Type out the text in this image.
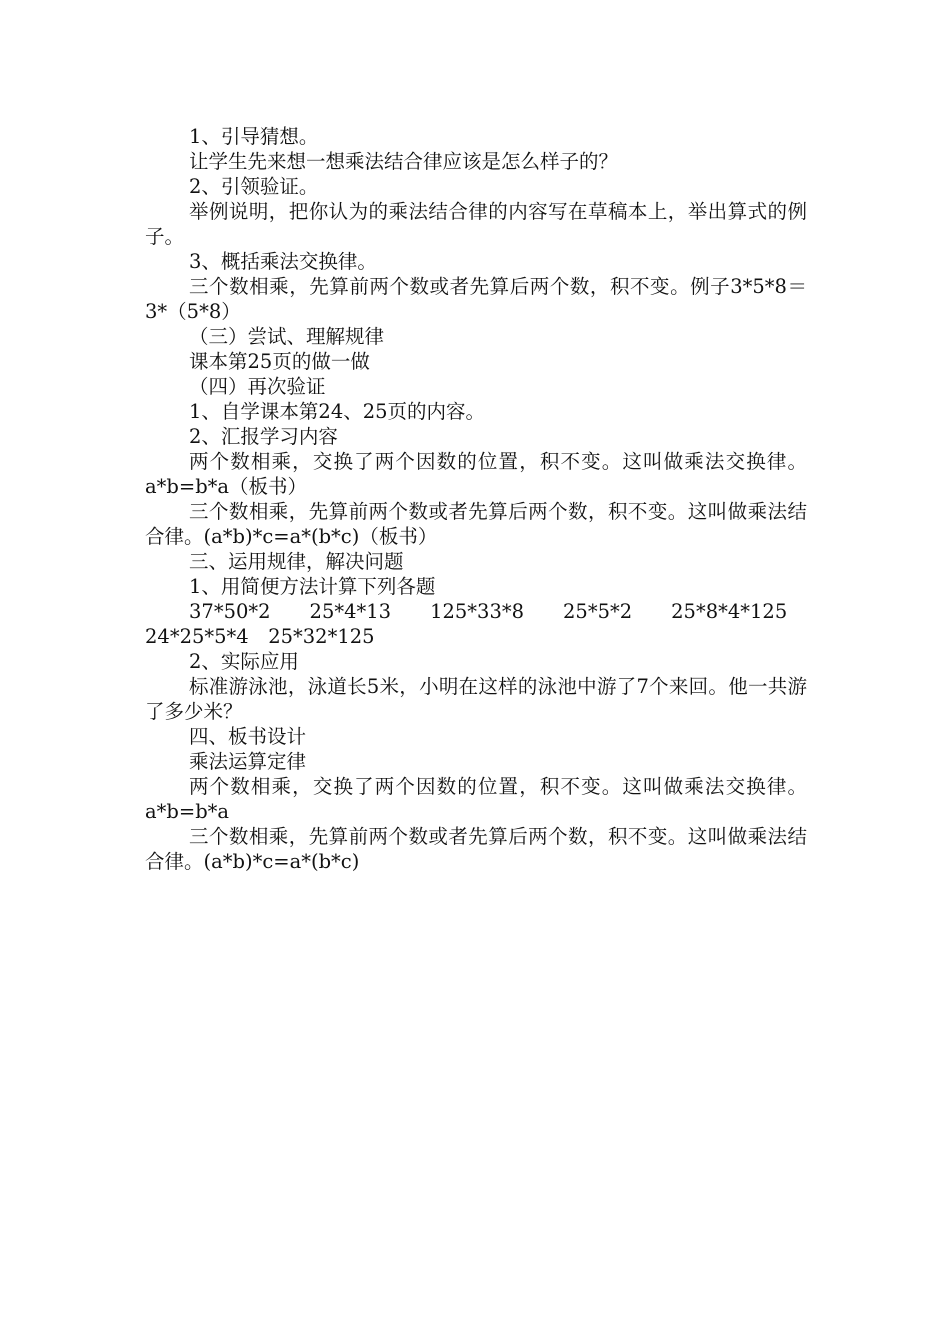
1、引导猜想。

让学生先来想一想乘法结合律应该是怎么样子的？

2、引领验证。

举例说明，把你认为的乘法结合律的内容写在草稿本上，举出算式的例子。

3、概括乘法交换律。

三个数相乘，先算前两个数或者先算后两个数，积不变。例子3*5*8＝3*（5*8）

（三）尝试、理解规律

课本第25页的做一做

（四）再次验证

1、自学课本第24、25页的内容。

2、汇报学习内容

两个数相乘，交换了两个因数的位置，积不变。这叫做乘法交换律。a*b=b*a（板书）

三个数相乘，先算前两个数或者先算后两个数，积不变。这叫做乘法结合律。(a*b)*c=a*(b*c)（板书）

三、运用规律，解决问题

1、用简便方法计算下列各题

37*50*2　　25*4*13　　125*33*8　　25*5*2　　25*8*4*125

24*25*5*4　25*32*125

2、实际应用

标准游泳池，泳道长5米，小明在这样的泳池中游了7个来回。他一共游了多少米？

四、板书设计

乘法运算定律

两个数相乘，交换了两个因数的位置，积不变。这叫做乘法交换律。a*b=b*a

三个数相乘，先算前两个数或者先算后两个数，积不变。这叫做乘法结合律。(a*b)*c=a*(b*c)
